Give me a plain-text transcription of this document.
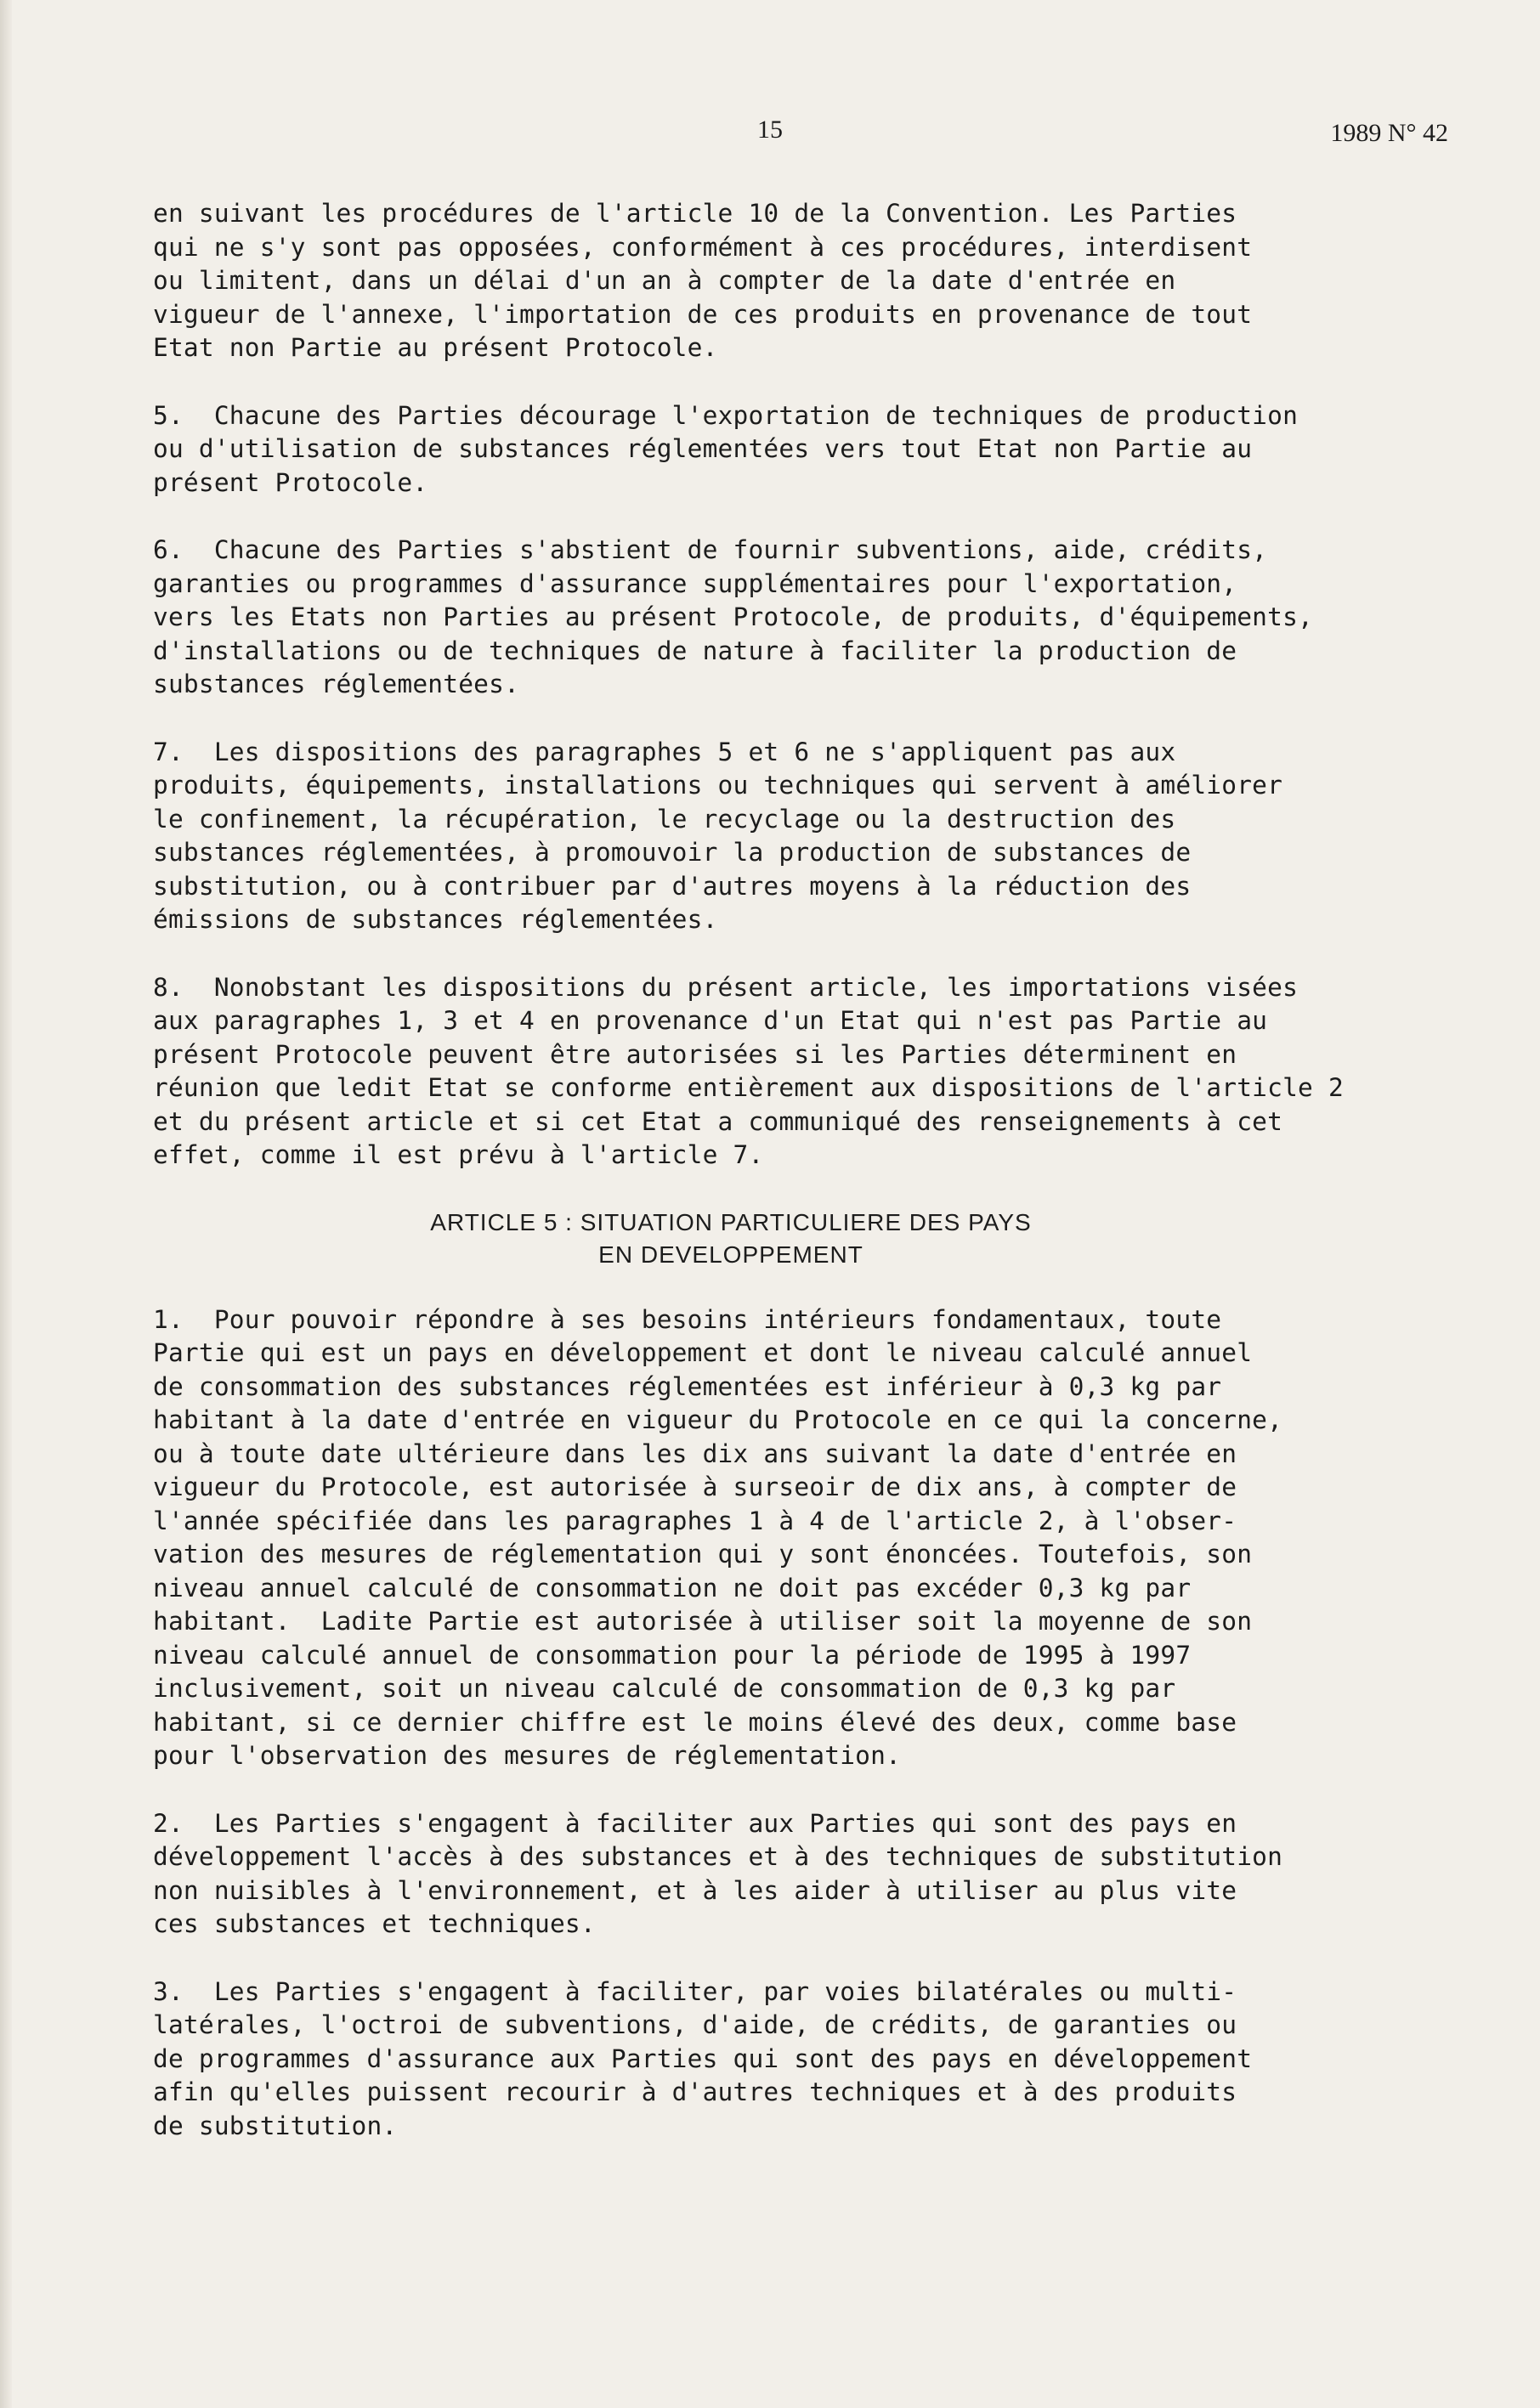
15	1989 N° 42

en suivant les procédures de l'article 10 de la Convention. Les Parties
qui ne s'y sont pas opposées, conformément à ces procédures, interdisent
ou limitent, dans un délai d'un an à compter de la date d'entrée en
vigueur de l'annexe, l'importation de ces produits en provenance de tout
Etat non Partie au présent Protocole.

5.  Chacune des Parties décourage l'exportation de techniques de production
ou d'utilisation de substances réglementées vers tout Etat non Partie au
présent Protocole.

6.  Chacune des Parties s'abstient de fournir subventions, aide, crédits,
garanties ou programmes d'assurance supplémentaires pour l'exportation,
vers les Etats non Parties au présent Protocole, de produits, d'équipements,
d'installations ou de techniques de nature à faciliter la production de
substances réglementées.

7.  Les dispositions des paragraphes 5 et 6 ne s'appliquent pas aux
produits, équipements, installations ou techniques qui servent à améliorer
le confinement, la récupération, le recyclage ou la destruction des
substances réglementées, à promouvoir la production de substances de
substitution, ou à contribuer par d'autres moyens à la réduction des
émissions de substances réglementées.

8.  Nonobstant les dispositions du présent article, les importations visées
aux paragraphes 1, 3 et 4 en provenance d'un Etat qui n'est pas Partie au
présent Protocole peuvent être autorisées si les Parties déterminent en
réunion que ledit Etat se conforme entièrement aux dispositions de l'article 2
et du présent article et si cet Etat a communiqué des renseignements à cet
effet, comme il est prévu à l'article 7.

ARTICLE 5 : SITUATION PARTICULIERE DES PAYS
EN DEVELOPPEMENT

1.  Pour pouvoir répondre à ses besoins intérieurs fondamentaux, toute
Partie qui est un pays en développement et dont le niveau calculé annuel
de consommation des substances réglementées est inférieur à 0,3 kg par
habitant à la date d'entrée en vigueur du Protocole en ce qui la concerne,
ou à toute date ultérieure dans les dix ans suivant la date d'entrée en
vigueur du Protocole, est autorisée à surseoir de dix ans, à compter de
l'année spécifiée dans les paragraphes 1 à 4 de l'article 2, à l'obser-
vation des mesures de réglementation qui y sont énoncées. Toutefois, son
niveau annuel calculé de consommation ne doit pas excéder 0,3 kg par
habitant.  Ladite Partie est autorisée à utiliser soit la moyenne de son
niveau calculé annuel de consommation pour la période de 1995 à 1997
inclusivement, soit un niveau calculé de consommation de 0,3 kg par
habitant, si ce dernier chiffre est le moins élevé des deux, comme base
pour l'observation des mesures de réglementation.

2.  Les Parties s'engagent à faciliter aux Parties qui sont des pays en
développement l'accès à des substances et à des techniques de substitution
non nuisibles à l'environnement, et à les aider à utiliser au plus vite
ces substances et techniques.

3.  Les Parties s'engagent à faciliter, par voies bilatérales ou multi-
latérales, l'octroi de subventions, d'aide, de crédits, de garanties ou
de programmes d'assurance aux Parties qui sont des pays en développement
afin qu'elles puissent recourir à d'autres techniques et à des produits
de substitution.
